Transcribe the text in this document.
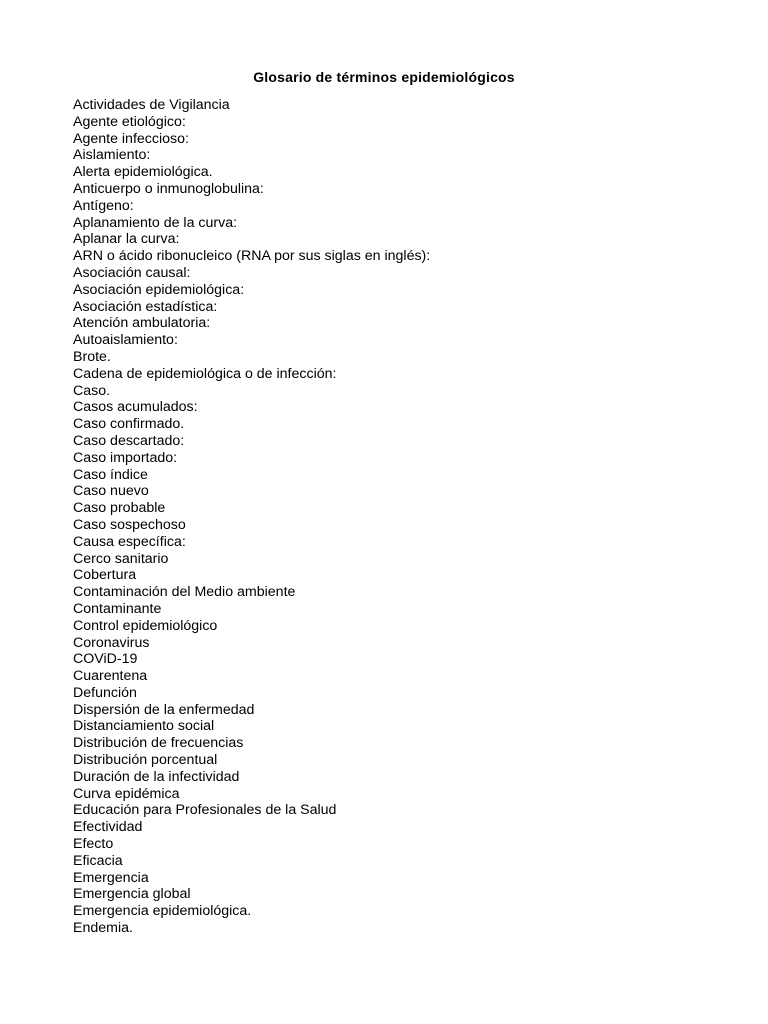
Glosario de términos epidemiológicos
Actividades de Vigilancia
Agente etiológico:
Agente infeccioso:
Aislamiento:
Alerta epidemiológica.
Anticuerpo o inmunoglobulina:
Antígeno:
Aplanamiento de la curva:
Aplanar la curva:
ARN o ácido ribonucleico (RNA por sus siglas en inglés):
Asociación causal:
Asociación epidemiológica:
Asociación estadística:
Atención ambulatoria:
Autoaislamiento:
Brote.
Cadena de epidemiológica o de infección:
Caso.
Casos acumulados:
Caso confirmado.
Caso descartado:
Caso importado:
Caso índice
Caso nuevo
Caso probable
Caso sospechoso
Causa específica:
Cerco sanitario
Cobertura
Contaminación del Medio ambiente
Contaminante
Control epidemiológico
Coronavirus
COViD-19
Cuarentena
Defunción
Dispersión de la enfermedad
Distanciamiento social
Distribución de frecuencias
Distribución porcentual
Duración de la infectividad
Curva epidémica
Educación para Profesionales de la Salud
Efectividad
Efecto
Eficacia
Emergencia
Emergencia global
Emergencia epidemiológica.
Endemia.
